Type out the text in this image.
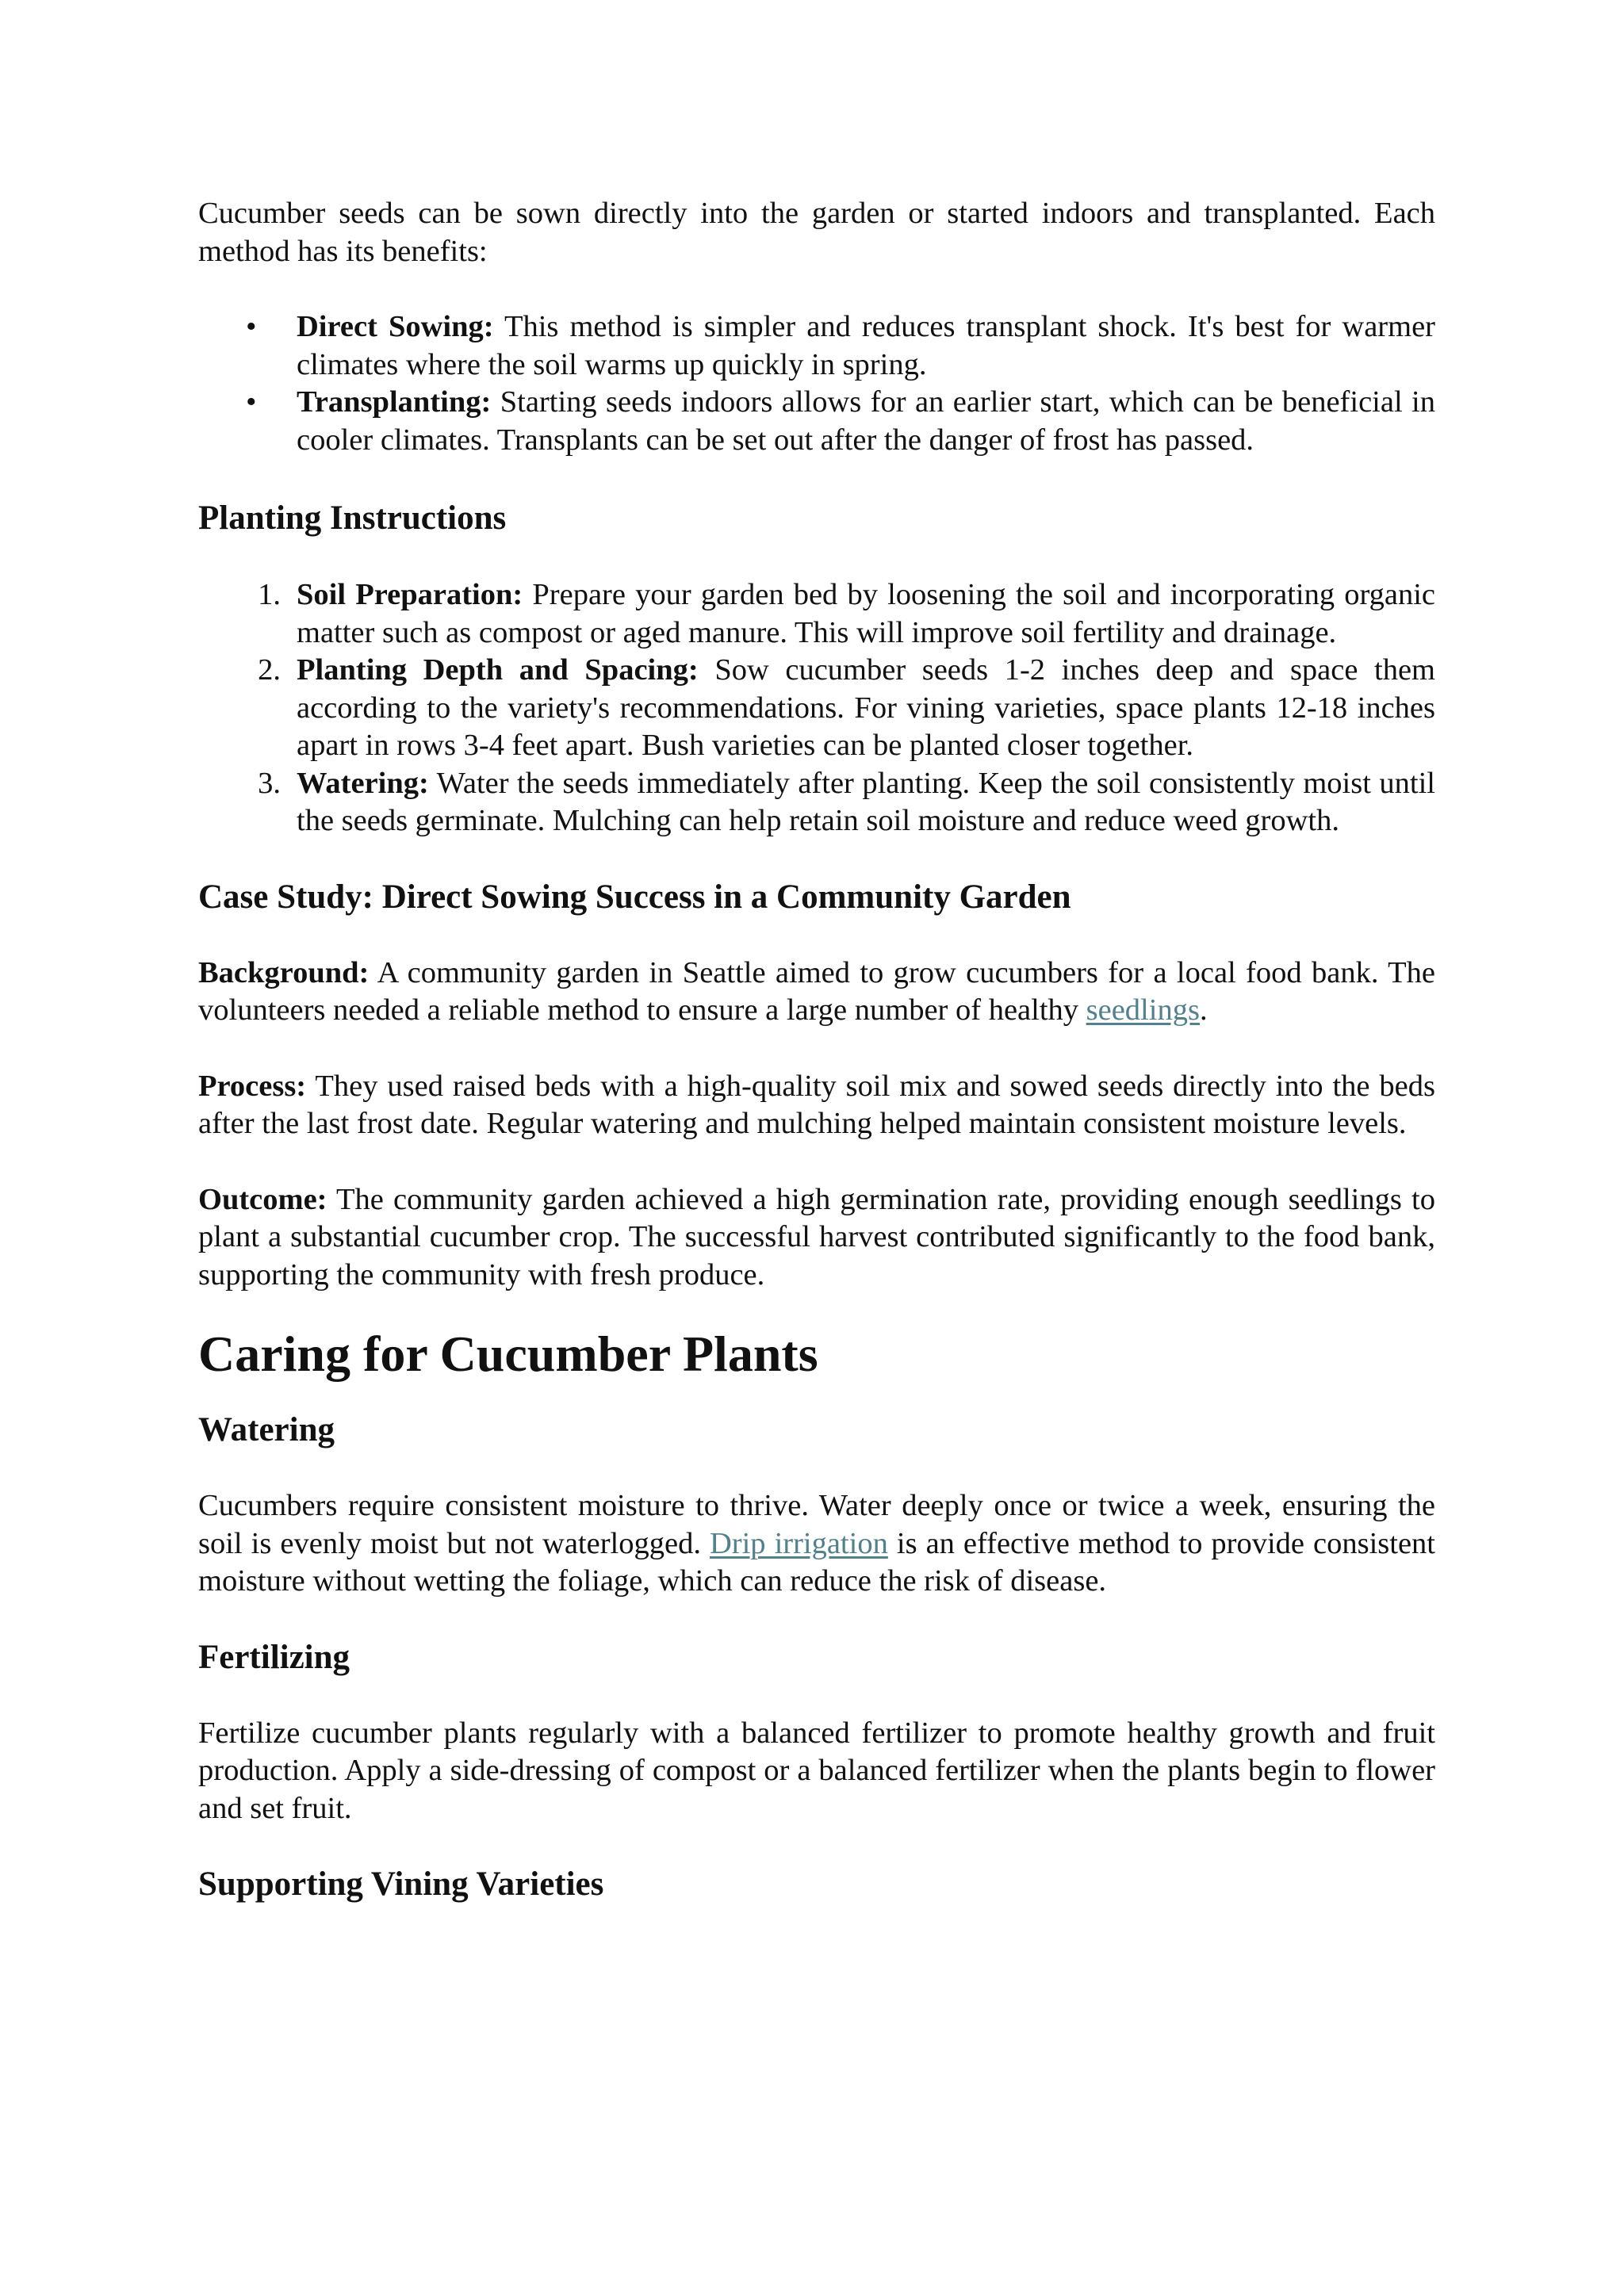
Cucumber seeds can be sown directly into the garden or started indoors and transplanted. Each method has its benefits:

• Direct Sowing: This method is simpler and reduces transplant shock. It's best for warmer climates where the soil warms up quickly in spring.
• Transplanting: Starting seeds indoors allows for an earlier start, which can be beneficial in cooler climates. Transplants can be set out after the danger of frost has passed.
Planting Instructions
1. Soil Preparation: Prepare your garden bed by loosening the soil and incorporating organic matter such as compost or aged manure. This will improve soil fertility and drainage.
2. Planting Depth and Spacing: Sow cucumber seeds 1-2 inches deep and space them according to the variety's recommendations. For vining varieties, space plants 12-18 inches apart in rows 3-4 feet apart. Bush varieties can be planted closer together.
3. Watering: Water the seeds immediately after planting. Keep the soil consistently moist until the seeds germinate. Mulching can help retain soil moisture and reduce weed growth.
Case Study: Direct Sowing Success in a Community Garden

Background: A community garden in Seattle aimed to grow cucumbers for a local food bank. The volunteers needed a reliable method to ensure a large number of healthy seedlings.

Process: They used raised beds with a high-quality soil mix and sowed seeds directly into the beds after the last frost date. Regular watering and mulching helped maintain consistent moisture levels.

Outcome: The community garden achieved a high germination rate, providing enough seedlings to plant a substantial cucumber crop. The successful harvest contributed significantly to the food bank, supporting the community with fresh produce.

Caring for Cucumber Plants
Watering

Cucumbers require consistent moisture to thrive. Water deeply once or twice a week, ensuring the soil is evenly moist but not waterlogged. Drip irrigation is an effective method to provide consistent moisture without wetting the foliage, which can reduce the risk of disease.

Fertilizing

Fertilize cucumber plants regularly with a balanced fertilizer to promote healthy growth and fruit production. Apply a side-dressing of compost or a balanced fertilizer when the plants begin to flower and set fruit.

Supporting Vining Varieties
